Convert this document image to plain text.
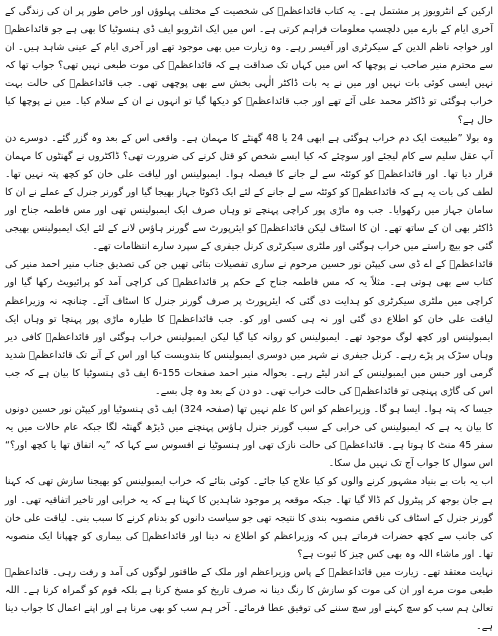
ارکین کے انٹرویوز پر مشتمل ہے۔ یہ کتاب قائداعظمؒ کی شخصیت کے مختلف پہلوؤں اور خاص طور پر ان کی زندگی کے آخری ایام کے بارے میں دلچسپ معلومات فراہم کرتی ہے۔ اس میں ایک انٹرویو ایف ڈی ہنسوٹیا کا بھی ہے جو قائداعظمؒ اور خواجہ ناظم الدین کے سیکرٹری اور آفیسر رہے۔ وہ زیارت میں بھی موجود تھے اور آخری ایام کے عینی شاہد ہیں۔ ان سے محترم منیر صاحب نے پوچھا کہ اس میں کہاں تک صداقت ہے کہ قائداعظمؒ کی موت طبعی نہیں تھی؟ جواب تھا کہ نہیں ایسی کوئی بات نہیں اور میں نے یہ بات ڈاکٹر الٰہی بخش سے بھی پوچھی تھی۔ جب قائداعظمؒ کی حالت بہت خراب ہوگئی تو ڈاکٹر محمد علی آئے تھے اور جب قائداعظمؒ کو دیکھا گیا تو انہوں نے ان کے سلام کیا۔ میں نے پوچھا کیا حال ہے؟

وہ بولا ”طبیعت ایک دم خراب ہوگئی ہے ابھی 24 یا 48 گھنٹے کا مہمان ہے۔ واقعی اس کے بعد وہ گزر گئے۔ دوسرے دن آپ عقل سلیم سے کام لیجئے اور سوچئے کہ کیا ایسے شخص کو قتل کرنے کی ضرورت تھی؟ ڈاکٹروں نے گھنٹوں کا مہمان قرار دیا تھا۔ اور قائداعظمؒ کو کوئٹہ سے لے جانے کا فیصلہ ہوا۔ ایمبولینس اور لیاقت علی خان کو کچھ پتہ نہیں تھا۔ لطف کی بات یہ ہے کہ قائداعظمؒ کو کوئٹہ سے لے جانے کے لئے ایک ڈکوٹا جہاز بھیجا گیا اور گورنر جنرل کے عملے نے ان کا سامان جہاز میں رکھوایا۔ جب وہ ماڑی پور کراچی پہنچے تو وہاں صرف ایک ایمبولینس تھی اور مس فاطمہ جناح اور ڈاکٹر بھی ان کے ساتھ تھے۔ ان کا اسٹاف لیکن قائداعظمؒ کو ایئرپورٹ سے گورنر ہاؤس لانے کے لئے ایک ایمبولینس بھیجی گئی جو بیچ راستے میں خراب ہوگئی اور ملٹری سیکرٹری کرنل جیفری کے سپرد سارے انتظامات تھے۔

قائداعظمؒ کے اے ڈی سی کیپٹن نور حسین مرحوم نے ساری تفصیلات بتائی تھیں جن کی تصدیق جناب منیر احمد منیر کی کتاب سے بھی ہوتی ہے۔ مثلاً یہ کہ مس فاطمہ جناح کے حکم پر قائداعظمؒ کی کراچی آمد کو پرائیویٹ رکھا گیا اور کراچی میں ملٹری سیکرٹری کو ہدایت دی گئی کہ ایئرپورٹ پر صرف گورنر جنرل کا اسٹاف آئے۔ چنانچہ نہ وزیراعظم لیاقت علی خان کو اطلاع دی گئی اور نہ ہی کسی اور کو۔ جب قائداعظمؒ کا طیارہ ماڑی پور پہنچا تو وہاں ایک ایمبولینس اور کچھ لوگ موجود تھے۔ ایمبولینس کو روانہ کیا گیا لیکن ایمبولینس خراب ہوگئی اور قائداعظمؒ کافی دیر وہاں سڑک پر پڑے رہے۔ کرنل جیفری نے شہر میں دوسری ایمبولینس کا بندوبست کیا اور اس کے آنے تک قائداعظمؒ شدید گرمی اور حبس میں ایمبولینس کے اندر لیٹے رہے۔ بحوالہ منیر احمد صفحات 155-6 ایف ڈی ہنسوٹیا کا بیان ہے کہ جب اس کی گاڑی پہنچی تو قائداعظمؒ کی حالت خراب تھی۔ دو دن کے بعد وہ چل بسے۔

جیسا کہ پتہ ہوا۔ ایسا ہو گا۔ وزیراعظم کو اس کا علم نہیں تھا (صفحہ 324) ایف ڈی ہنسوٹیا اور کیپٹن نور حسین دونوں کا بیان یہ ہے کہ ایمبولینس کی خرابی کے سبب گورنر جنرل ہاؤس پہنچنے میں ڈیڑھ گھنٹہ لگا جبکہ عام حالات میں یہ سفر 45 منٹ کا ہوتا ہے۔ قائداعظمؒ کی حالت نازک تھی اور ہنسوٹیا نے افسوس سے کہا کہ ”یہ اتفاق تھا یا کچھ اور؟“ اس سوال کا جواب آج تک نہیں مل سکا۔

اب یہ بات بے بنیاد مشہور کرنے والوں کو کیا علاج کیا جائے۔ کوئی بتائے کہ خراب ایمبولینس کو بھیجنا سازش تھی کہ کہنا ہے جان بوجھ کر پیٹرول کم ڈالا گیا تھا۔ جبکہ موقعہ پر موجود شاہدین کا کہنا ہے کہ یہ خرابی اور تاخیر اتفاقیہ تھی۔ اور گورنر جنرل کے اسٹاف کی ناقص منصوبہ بندی کا نتیجہ تھی جو سیاست دانوں کو بدنام کرنے کا سبب بنی۔ لیاقت علی خان کی جانب سے کچھ حضرات فرماتے ہیں کہ وزیراعظم کو اطلاع نہ دینا اور قائداعظمؒ کی بیماری کو چھپانا ایک منصوبہ تھا۔ اور ماشاء اللہ وہ بھی کس چیز کا ثبوت ہے؟

نہایت معتقد تھے۔ زیارت میں قائداعظمؒ کے پاس وزیراعظم اور ملک کے طاقتور لوگوں کی آمد و رفت رہی۔ قائداعظمؒ طبعی موت مرے اور ان کی موت کو سازش کا رنگ دینا نہ صرف تاریخ کو مسخ کرنا ہے بلکہ قوم کو گمراہ کرنا ہے۔ اللہ تعالیٰ ہم سب کو سچ کہنے اور سچ سننے کی توفیق عطا فرمائے۔ آخر ہم سب کو بھی مرنا ہے اور اپنے اعمال کا جواب دینا ہے۔
